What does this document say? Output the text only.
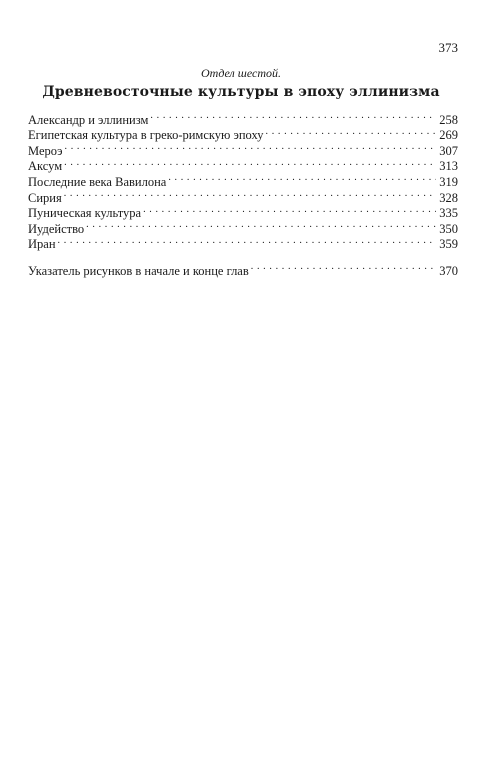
373
Отдел шестой.
Древневосточные культуры в эпоху эллинизма
Александр и эллинизм . . .	258
Египетская культура в греко-римскую эпоху . . .	269
Мероэ . . .	307
Аксум . . .	313
Последние века Вавилона . . .	319
Сирия . . .	328
Пуническая культура . . .	335
Иудейство . . .	350
Иран . . .	359
Указатель рисунков в начале и конце глав . . .	370
